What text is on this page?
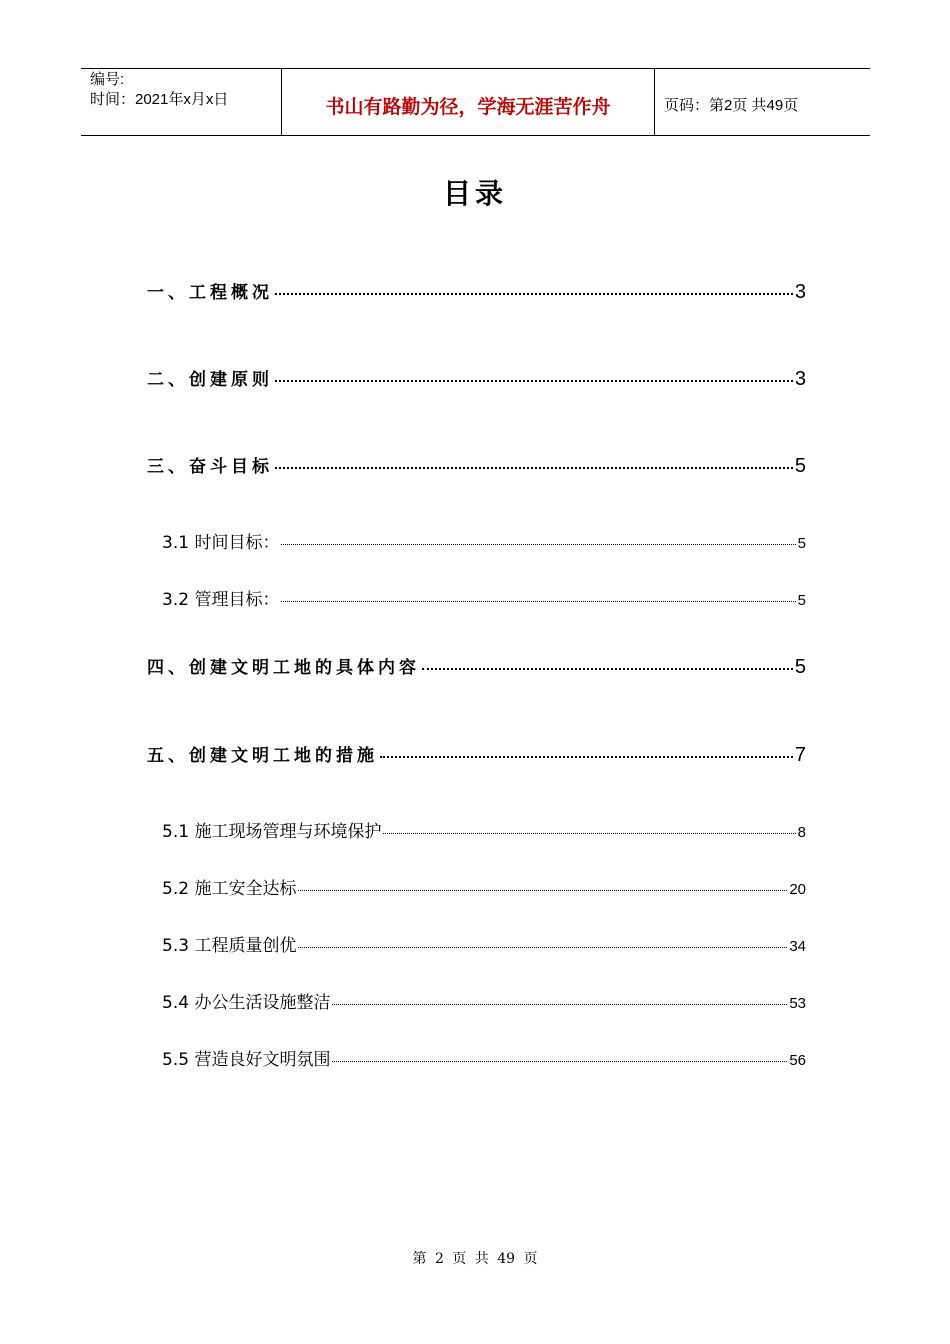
编号:
时间：2021年x月x日	书山有路勤为径，学海无涯苦作舟	页码：第2页 共49页
目录
一、工程概况	3
二、创建原则	3
三、奋斗目标	5
3.1 时间目标：	5
3.2 管理目标：	5
四、创建文明工地的具体内容	5
五、创建文明工地的措施	7
5.1 施工现场管理与环境保护	8
5.2 施工安全达标	20
5.3 工程质量创优	34
5.4 办公生活设施整洁	53
5.5 营造良好文明氛围	56
第 2 页 共 49 页
